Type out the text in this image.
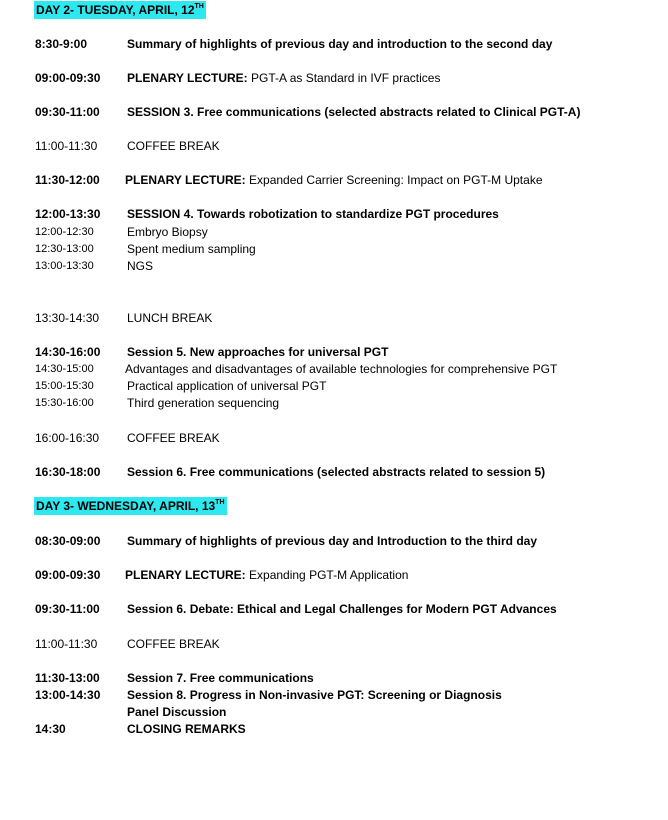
DAY 2- TUESDAY, APRIL, 12TH
8:30-9:00	Summary of highlights of previous day and introduction to the second day
09:00-09:30 PLENARY LECTURE: PGT-A as Standard in IVF practices
09:30-11:00 SESSION 3. Free communications (selected abstracts related to Clinical PGT-A)
11:00-11:30 COFFEE BREAK
11:30-12:00 PLENARY LECTURE: Expanded Carrier Screening: Impact on PGT-M Uptake
12:00-13:30 SESSION 4. Towards robotization to standardize PGT procedures
12:00-12:30	Embryo Biopsy
12:30-13:00	Spent medium sampling
13:00-13:30	NGS
13:30-14:30 LUNCH BREAK
14:30-16:00 Session 5. New approaches for universal PGT
14:30-15:00	Advantages and disadvantages of available technologies for comprehensive PGT
15:00-15:30	Practical application of universal PGT
15:30-16:00	Third generation sequencing
16:00-16:30 COFFEE BREAK
16:30-18:00 Session 6. Free communications (selected abstracts related to session 5)
DAY 3- WEDNESDAY, APRIL, 13TH
08:30-09:00 Summary of highlights of previous day and Introduction to the third day
09:00-09:30 PLENARY LECTURE: Expanding PGT-M Application
09:30-11:00 Session 6. Debate: Ethical and Legal Challenges for Modern PGT Advances
11:00-11:30 COFFEE BREAK
11:30-13:00 Session 7. Free communications
13:00-14:30 Session 8. Progress in Non-invasive PGT: Screening or Diagnosis
Panel Discussion
14:30	CLOSING REMARKS
